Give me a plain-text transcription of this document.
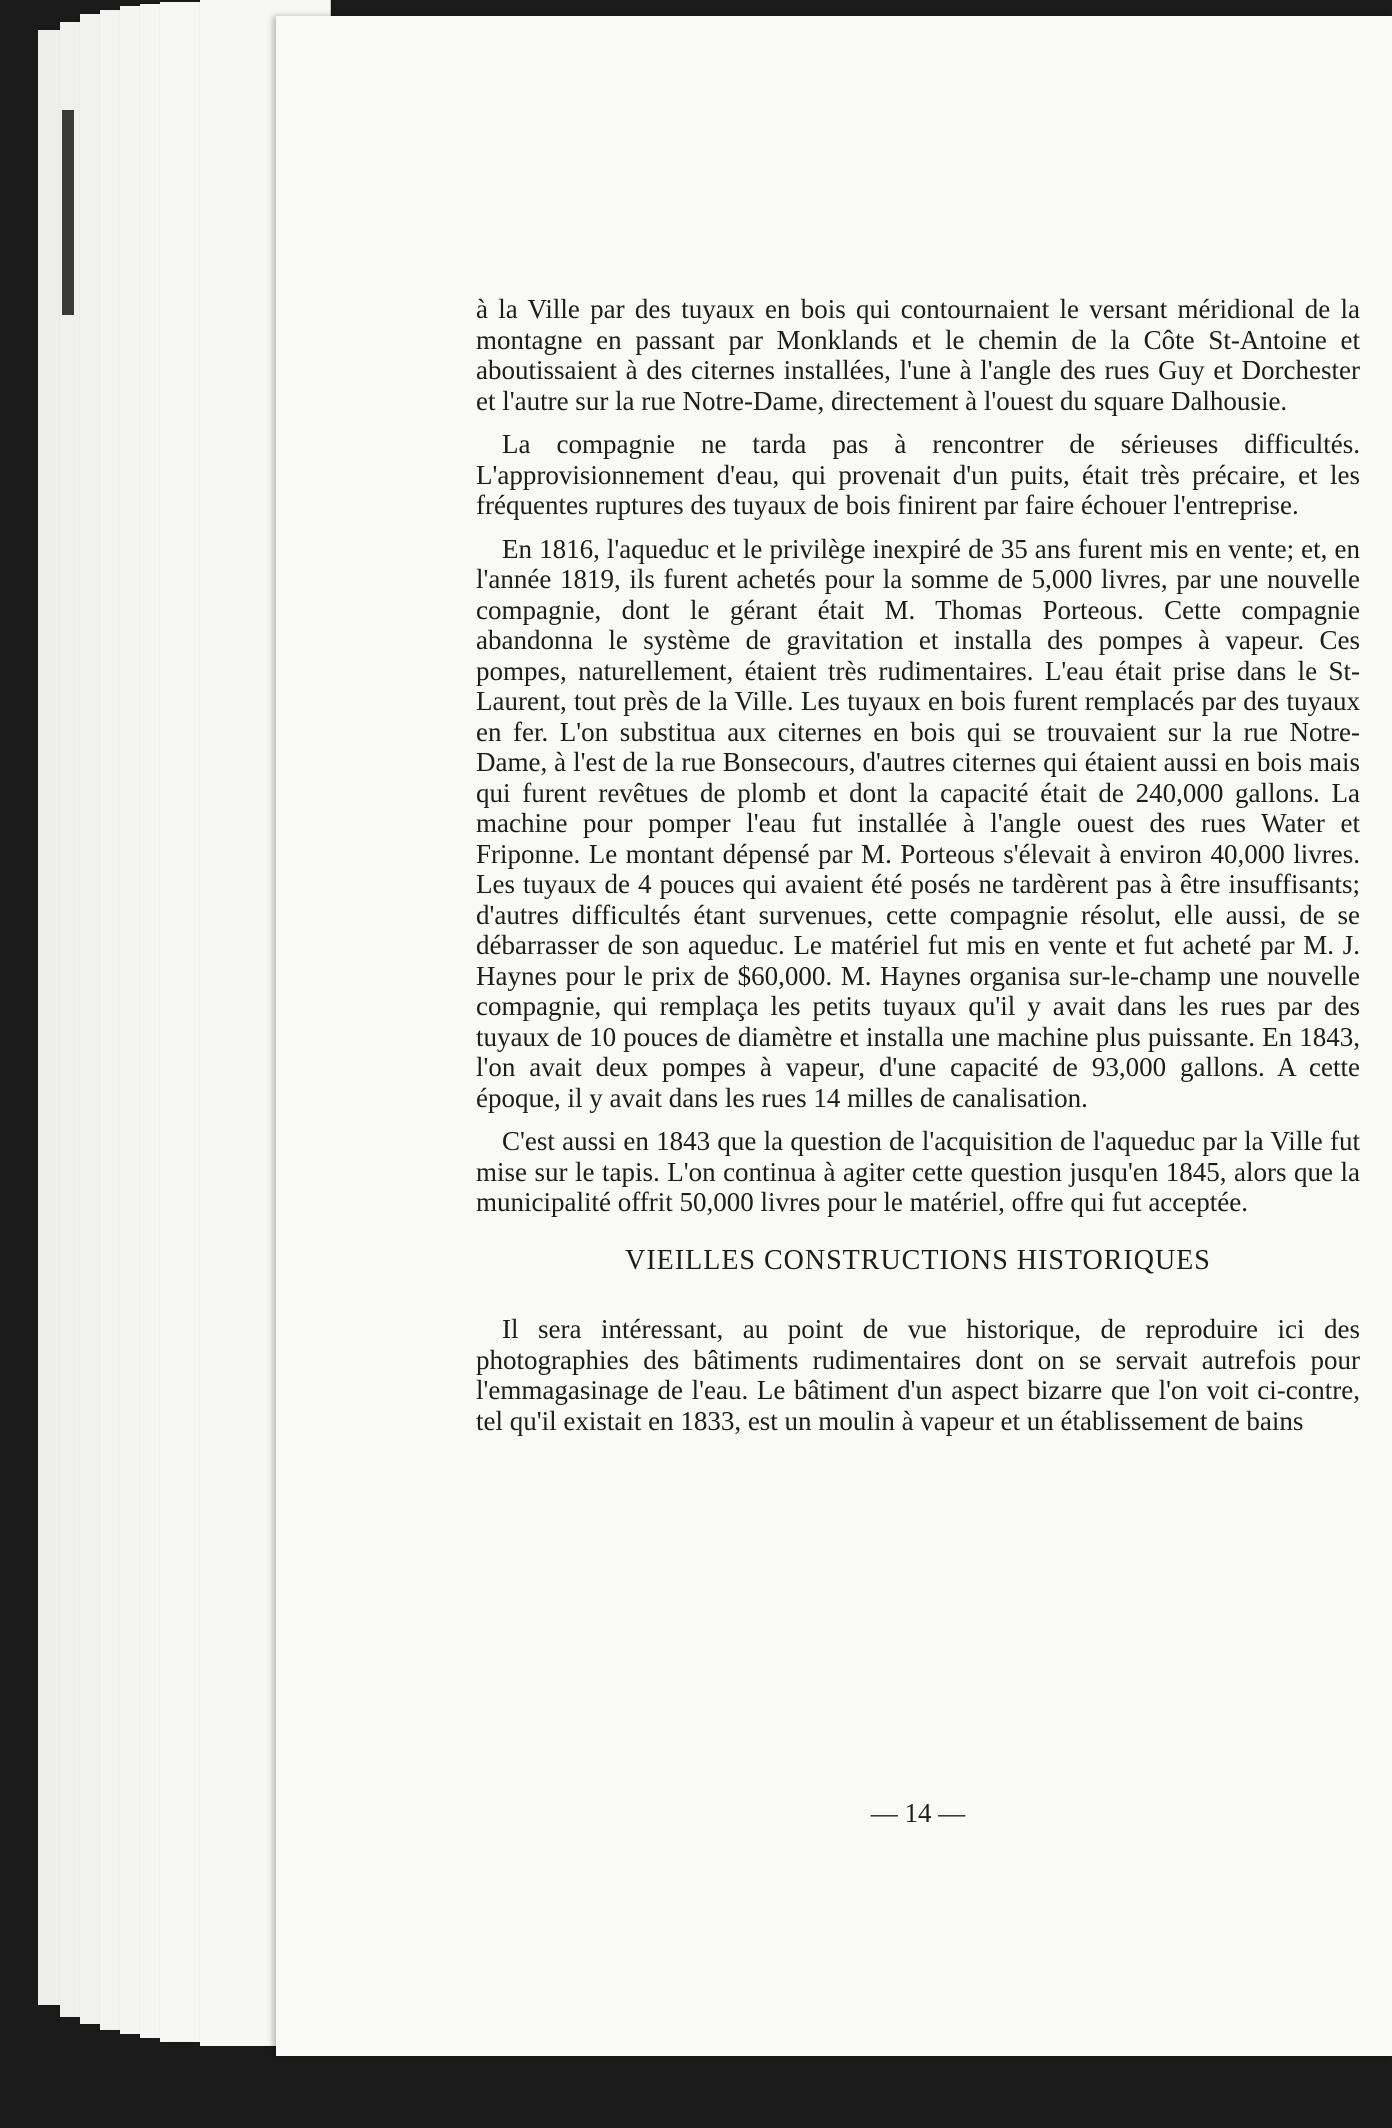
à la Ville par des tuyaux en bois qui contournaient le versant méridional de la montagne en passant par Monklands et le chemin de la Côte St-Antoine et aboutissaient à des citernes installées, l'une à l'angle des rues Guy et Dorchester et l'autre sur la rue Notre-Dame, directement à l'ouest du square Dalhousie.

La compagnie ne tarda pas à rencontrer de sérieuses difficultés. L'approvisionnement d'eau, qui provenait d'un puits, était très précaire, et les fréquentes ruptures des tuyaux de bois finirent par faire échouer l'entreprise.

En 1816, l'aqueduc et le privilège inexpiré de 35 ans furent mis en vente; et, en l'année 1819, ils furent achetés pour la somme de 5,000 livres, par une nouvelle compagnie, dont le gérant était M. Thomas Porteous. Cette compagnie abandonna le système de gravitation et installa des pompes à vapeur. Ces pompes, naturellement, étaient très rudimentaires. L'eau était prise dans le St-Laurent, tout près de la Ville. Les tuyaux en bois furent remplacés par des tuyaux en fer. L'on substitua aux citernes en bois qui se trouvaient sur la rue Notre-Dame, à l'est de la rue Bonsecours, d'autres citernes qui étaient aussi en bois mais qui furent revêtues de plomb et dont la capacité était de 240,000 gallons. La machine pour pomper l'eau fut installée à l'angle ouest des rues Water et Friponne. Le montant dépensé par M. Porteous s'élevait à environ 40,000 livres. Les tuyaux de 4 pouces qui avaient été posés ne tardèrent pas à être insuffisants; d'autres difficultés étant survenues, cette compagnie résolut, elle aussi, de se débarrasser de son aqueduc. Le matériel fut mis en vente et fut acheté par M. J. Haynes pour le prix de $60,000. M. Haynes organisa sur-le-champ une nouvelle compagnie, qui remplaça les petits tuyaux qu'il y avait dans les rues par des tuyaux de 10 pouces de diamètre et installa une machine plus puissante. En 1843, l'on avait deux pompes à vapeur, d'une capacité de 93,000 gallons. A cette époque, il y avait dans les rues 14 milles de canalisation.

C'est aussi en 1843 que la question de l'acquisition de l'aqueduc par la Ville fut mise sur le tapis. L'on continua à agiter cette question jusqu'en 1845, alors que la municipalité offrit 50,000 livres pour le matériel, offre qui fut acceptée.

VIEILLES CONSTRUCTIONS HISTORIQUES

Il sera intéressant, au point de vue historique, de reproduire ici des photographies des bâtiments rudimentaires dont on se servait autrefois pour l'emmagasinage de l'eau. Le bâtiment d'un aspect bizarre que l'on voit ci-contre, tel qu'il existait en 1833, est un moulin à vapeur et un établissement de bains

— 14 —
